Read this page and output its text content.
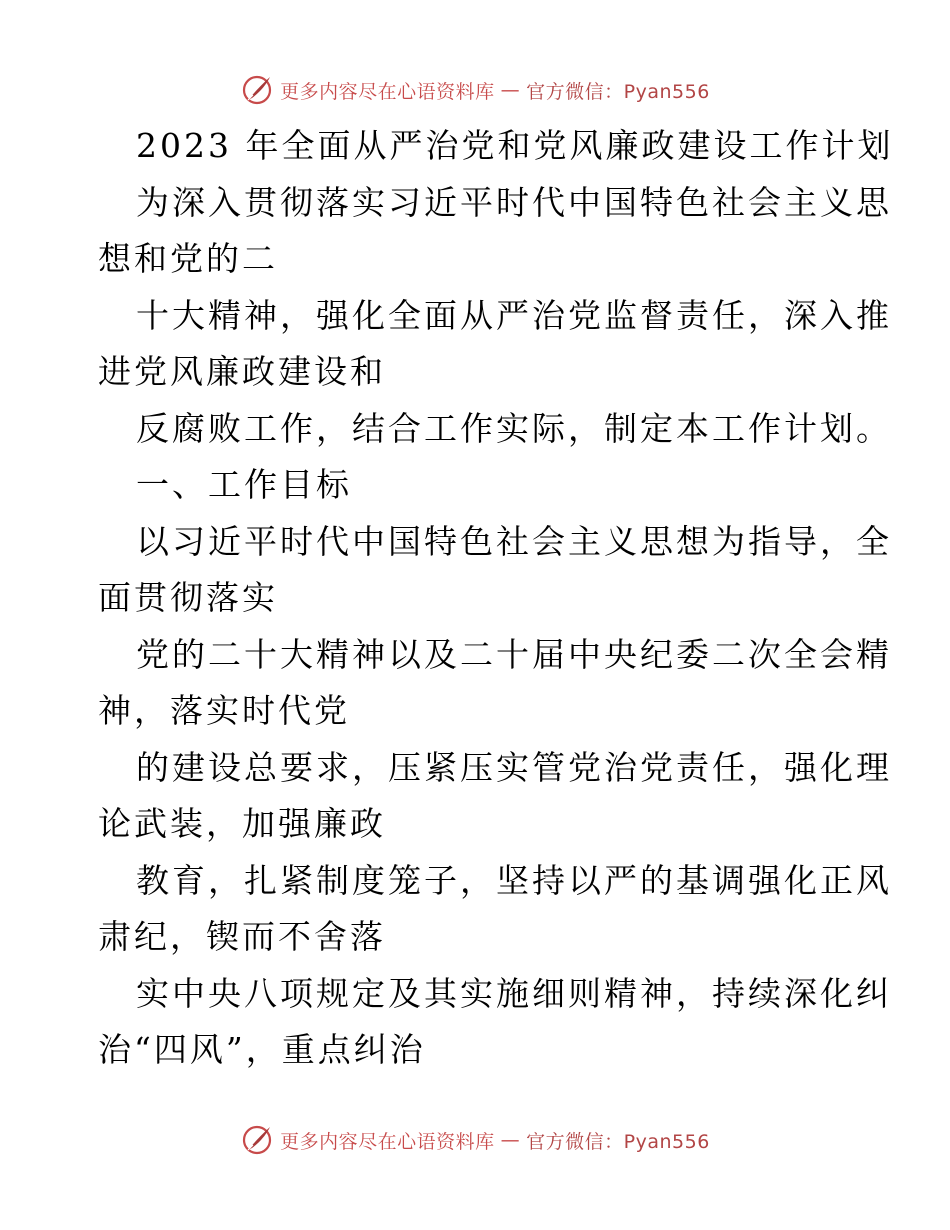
更多内容尽在心语资料库 — 官方微信：Pyan556
2023 年全面从严治党和党风廉政建设工作计划
为深入贯彻落实习近平时代中国特色社会主义思
想和党的二
十大精神，强化全面从严治党监督责任，深入推
进党风廉政建设和
反腐败工作，结合工作实际，制定本工作计划。
一、工作目标
以习近平时代中国特色社会主义思想为指导，全
面贯彻落实
党的二十大精神以及二十届中央纪委二次全会精
神，落实时代党
的建设总要求，压紧压实管党治党责任，强化理
论武装，加强廉政
教育，扎紧制度笼子，坚持以严的基调强化正风
肃纪，锲而不舍落
实中央八项规定及其实施细则精神，持续深化纠
治“四风”，重点纠治
更多内容尽在心语资料库 — 官方微信：Pyan556
